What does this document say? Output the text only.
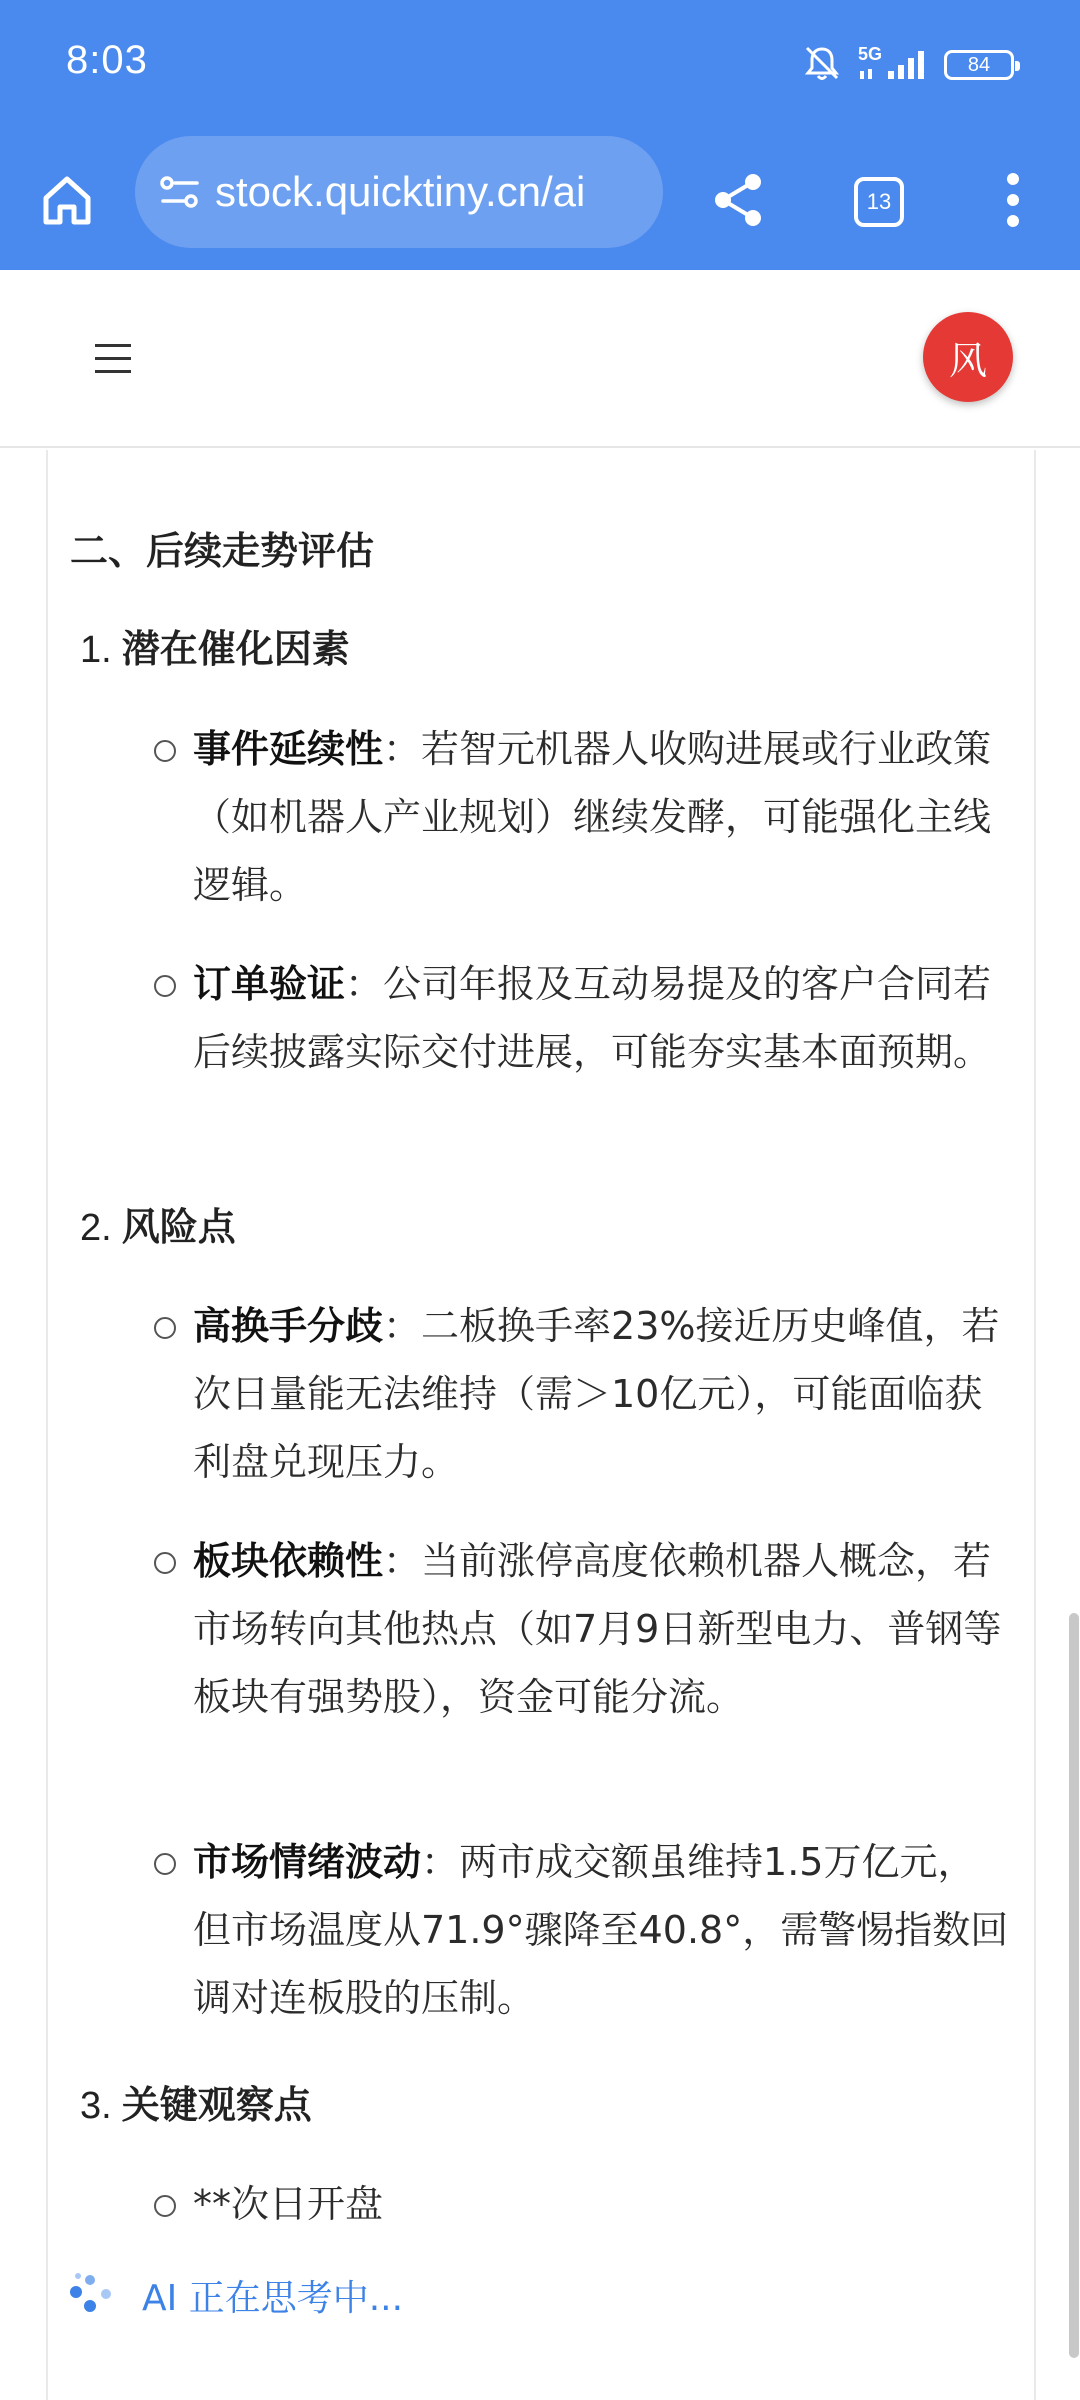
8:03	5G	84
stock.quicktiny.cn/ai	13
风
二、后续走势评估
1. 潜在催化因素
事件延续性：若智元机器人收购进展或行业政策（如机器人产业规划）继续发酵，可能强化主线逻辑。
订单验证：公司年报及互动易提及的客户合同若后续披露实际交付进展，可能夯实基本面预期。
2. 风险点
高换手分歧：二板换手率23%接近历史峰值，若次日量能无法维持（需＞10亿元），可能面临获利盘兑现压力。
板块依赖性：当前涨停高度依赖机器人概念，若市场转向其他热点（如7月9日新型电力、普钢等板块有强势股），资金可能分流。
市场情绪波动：两市成交额虽维持1.5万亿元，但市场温度从71.9°骤降至40.8°，需警惕指数回调对连板股的压制。
3. 关键观察点
**次日开盘
AI 正在思考中...
